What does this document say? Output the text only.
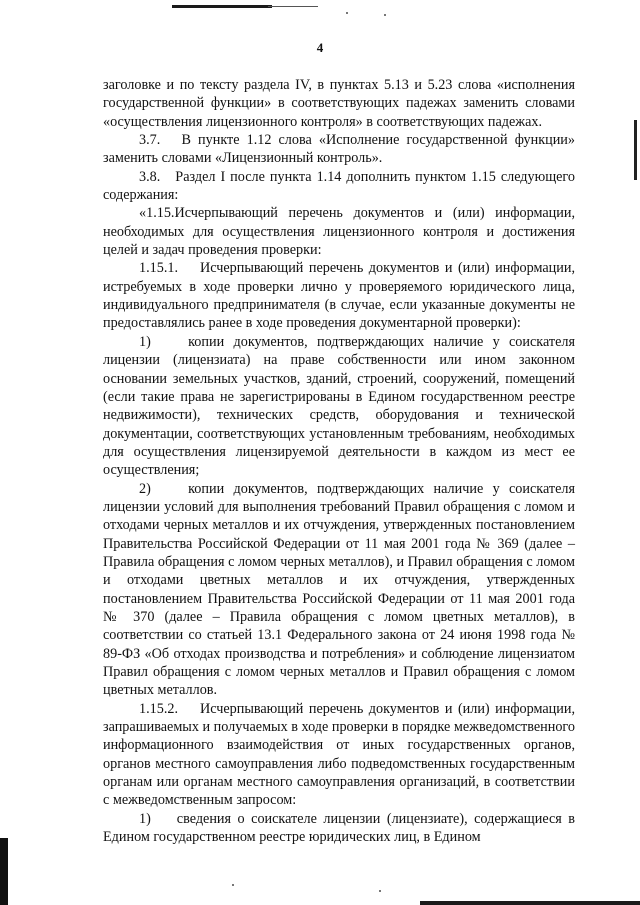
4

заголовке и по тексту раздела IV, в пунктах 5.13 и 5.23 слова «исполнения государственной функции» в соответствующих падежах заменить словами «осуществления лицензионного контроля» в соответствующих падежах.

3.7.   В пункте 1.12 слова «Исполнение государственной функции» заменить словами «Лицензионный контроль».

3.8.   Раздел I после пункта 1.14 дополнить пунктом 1.15 следующего содержания:

«1.15.Исчерпывающий перечень документов и (или) информации, необходимых для осуществления лицензионного контроля и достижения целей и задач проведения проверки:

1.15.1.    Исчерпывающий перечень документов и (или) информации, истребуемых в ходе проверки лично у проверяемого юридического лица, индивидуального предпринимателя (в случае, если указанные документы не предоставлялись ранее в ходе проведения документарной проверки):

1)    копии документов, подтверждающих наличие у соискателя лицензии (лицензиата) на праве собственности или ином законном основании земельных участков, зданий, строений, сооружений, помещений (если такие права не зарегистрированы в Едином государственном реестре недвижимости), технических средств, оборудования и технической документации, соответствующих установленным требованиям, необходимых для осуществления лицензируемой деятельности в каждом из мест ее осуществления;

2)    копии документов, подтверждающих наличие у соискателя лицензии условий для выполнения требований Правил обращения с ломом и отходами черных металлов и их отчуждения, утвержденных постановлением Правительства Российской Федерации от 11 мая 2001 года № 369 (далее – Правила обращения с ломом черных металлов), и Правил обращения с ломом и отходами цветных металлов и их отчуждения, утвержденных постановлением Правительства Российской Федерации от 11 мая 2001 года № 370 (далее – Правила обращения с ломом цветных металлов), в соответствии со статьей 13.1 Федерального закона от 24 июня 1998 года № 89-ФЗ «Об отходах производства и потребления» и соблюдение лицензиатом Правил обращения с ломом черных металлов и Правил обращения с ломом цветных металлов.

1.15.2.    Исчерпывающий перечень документов и (или) информации, запрашиваемых и получаемых в ходе проверки в порядке межведомственного информационного взаимодействия от иных государственных органов, органов местного самоуправления либо подведомственных государственным органам или органам местного самоуправления организаций, в соответствии с межведомственным запросом:

1)    сведения о соискателе лицензии (лицензиате), содержащиеся в Едином государственном реестре юридических лиц, в Едином
